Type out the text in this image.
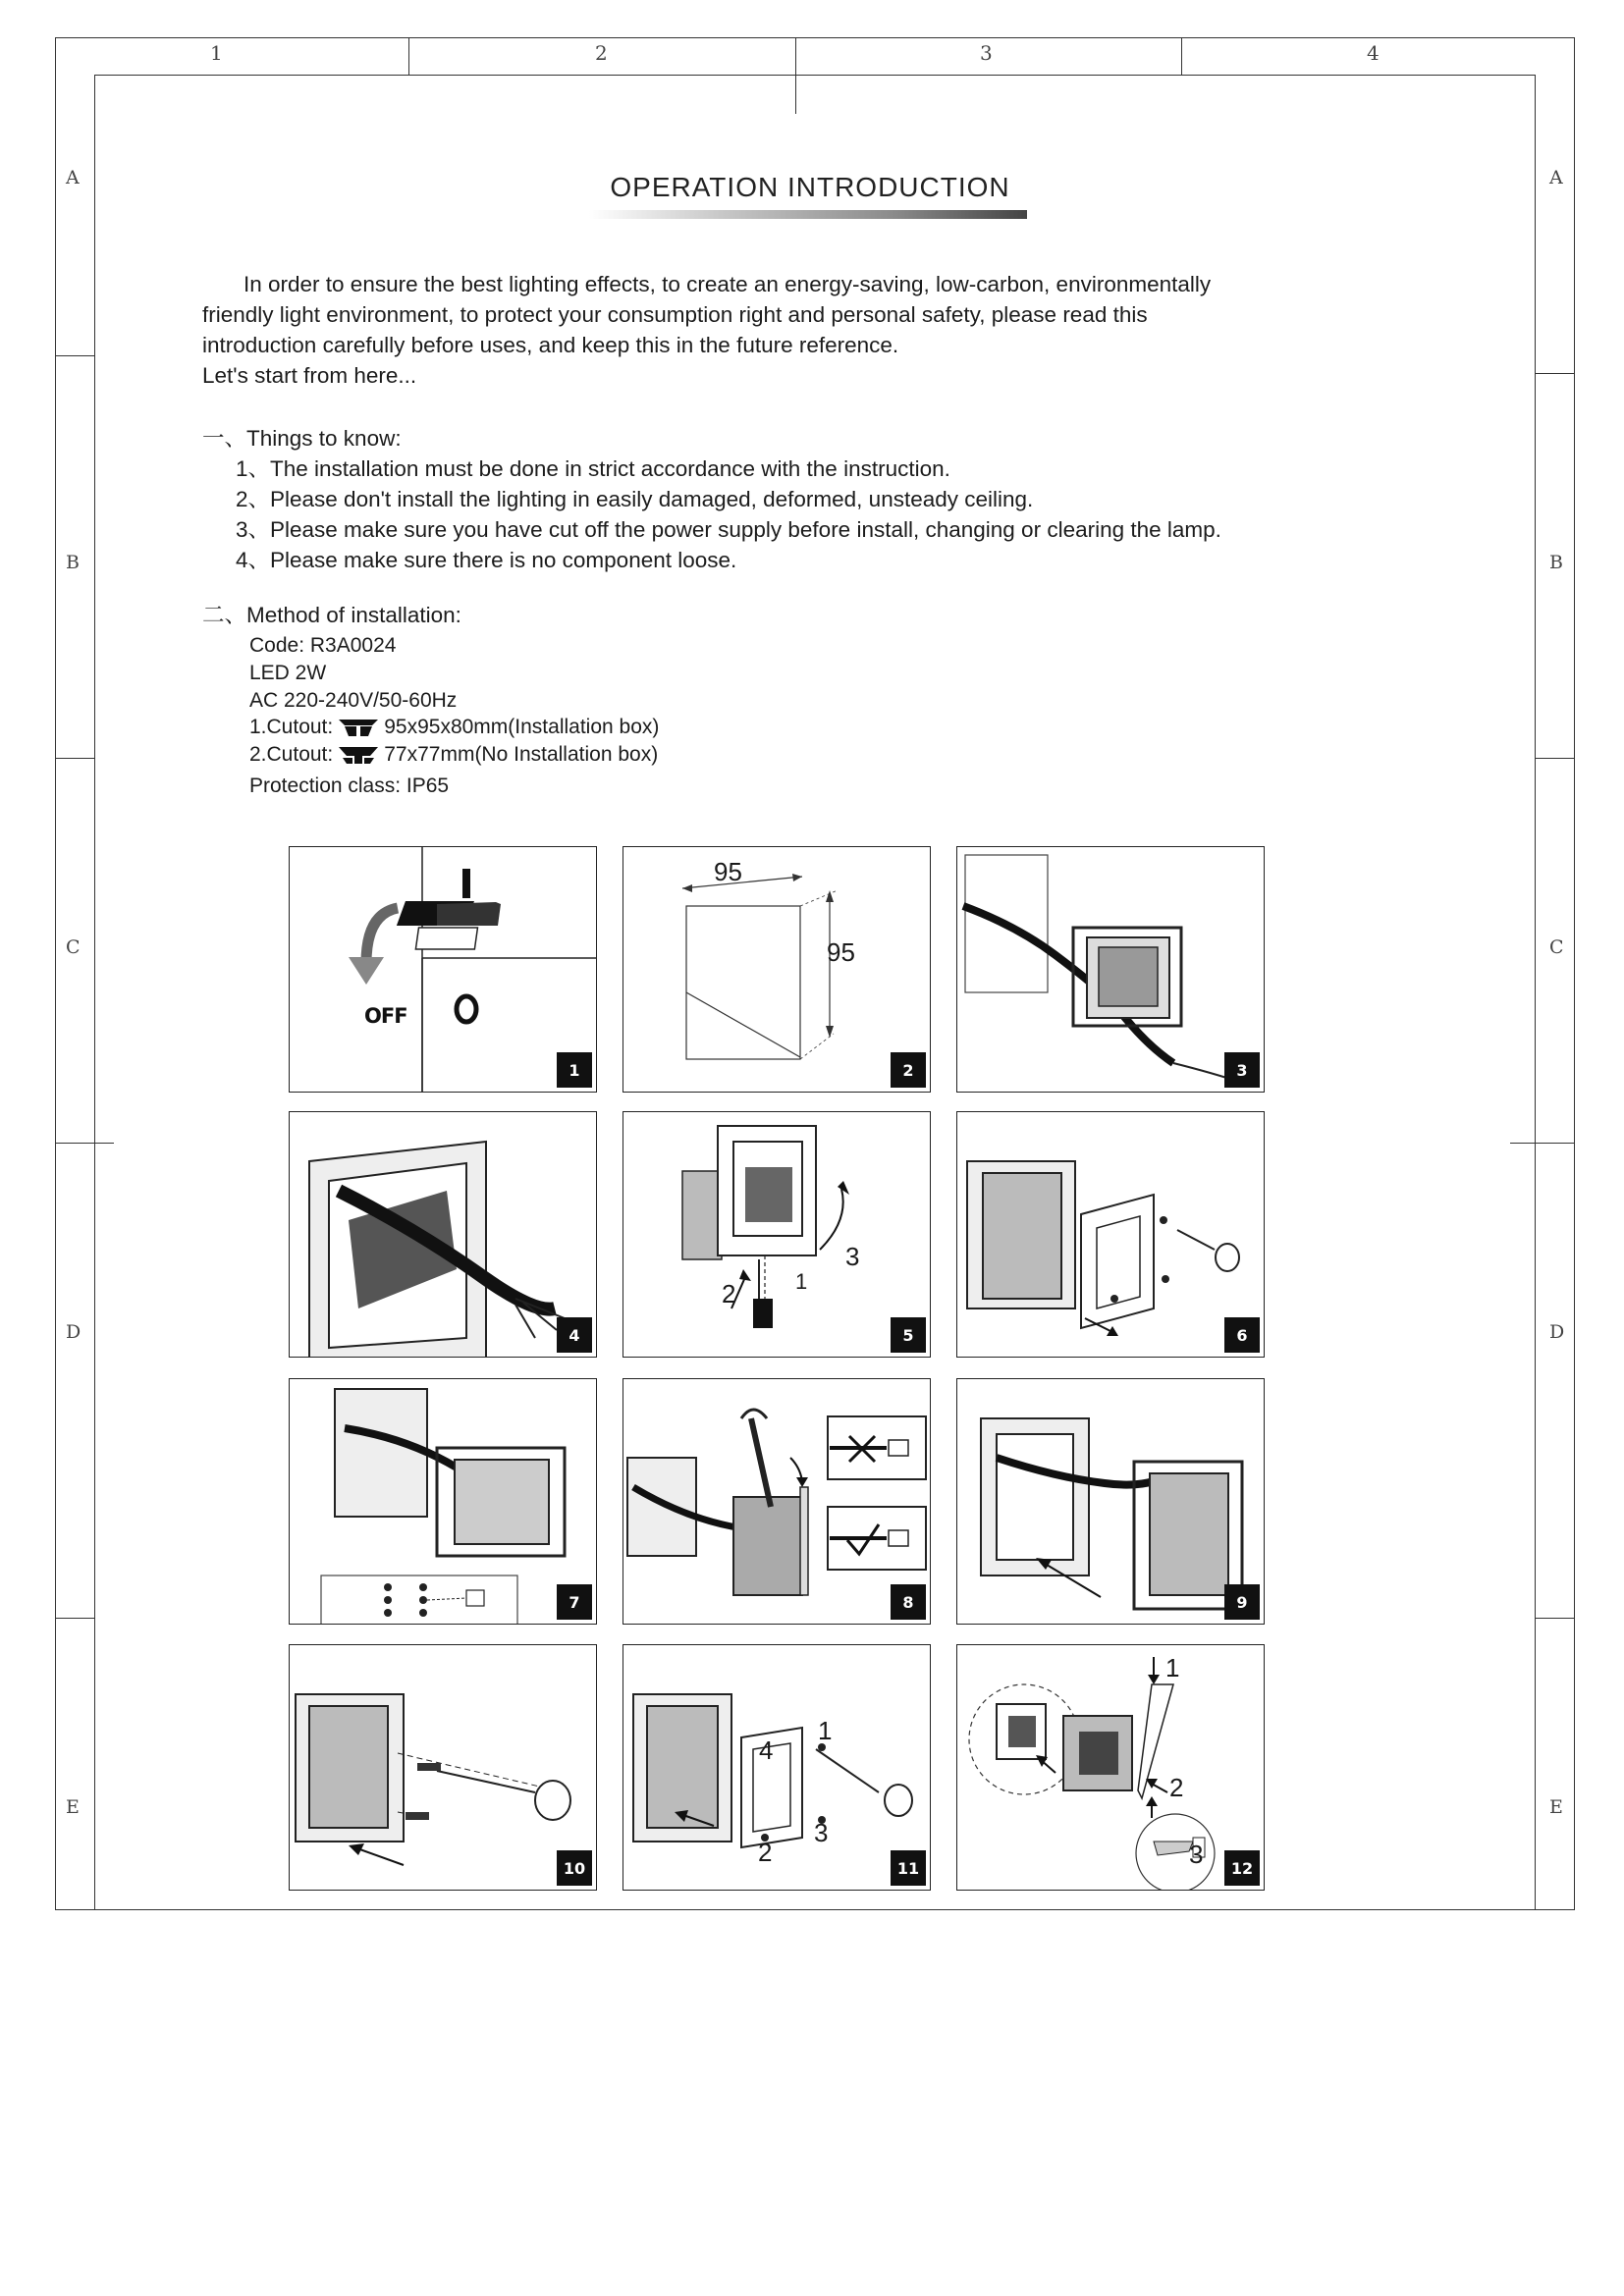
1	2	3	4
A
B
C
D
E
A
B
C
D
E
OPERATION INTRODUCTION
In order to ensure the best lighting effects, to create an energy-saving, low-carbon, environmentally
friendly light environment, to protect your consumption right and personal safety, please read this
introduction carefully before uses, and keep this in the future reference.
Let's start from here...
一、Things to know:
1、The installation must be done in strict accordance with the instruction.
2、Please don't install the lighting in easily damaged, deformed, unsteady ceiling.
3、Please make sure you have cut off the power supply before install, changing or clearing the lamp.
4、Please make sure there is no component loose.
二、Method of installation:
Code: R3A0024
LED 2W
AC 220-240V/50-60Hz
1.Cutout: 95x95x80mm(Installation box)
2.Cutout: 77x77mm(No Installation box)
Protection class: IP65
OFF
1
95
95
2	3
4
1
2
3
5	6
7	8	9
10
1
2
3
4
11
1
2
3	12
